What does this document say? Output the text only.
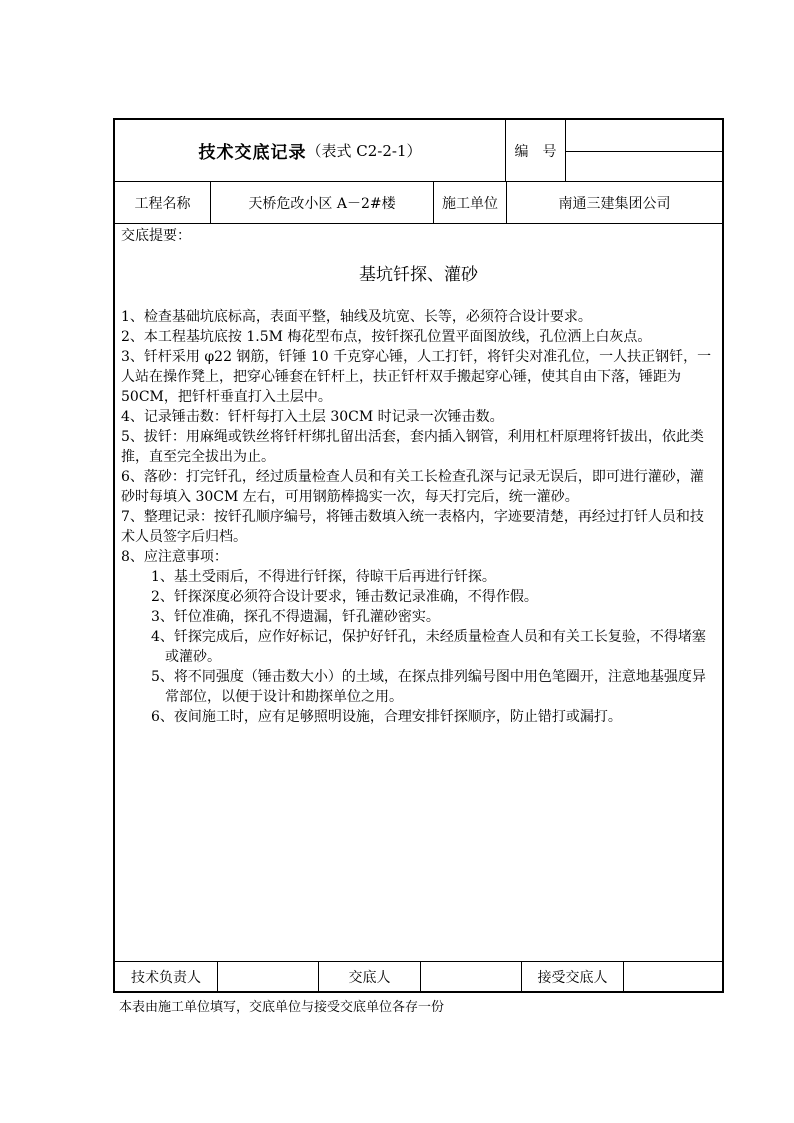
技术交底记录 （表式 C2-2-1）	编　号
工程名称	天桥危改小区 A－2#楼	施工单位	南通三建集团公司

交底提要：

基坑钎探、灌砂

1、检查基础坑底标高，表面平整，轴线及坑宽、长等，必须符合设计要求。

2、本工程基坑底按 1.5M 梅花型布点，按钎探孔位置平面图放线，孔位洒上白灰点。

3、钎杆采用 φ22 钢筋，钎锤 10 千克穿心锤，人工打钎，将钎尖对准孔位，一人扶正钢钎，一人站在操作凳上，把穿心锤套在钎杆上，扶正钎杆双手搬起穿心锤，使其自由下落，锤距为 50CM，把钎杆垂直打入土层中。

4、记录锤击数：钎杆每打入土层 30CM 时记录一次锤击数。

5、拔钎：用麻绳或铁丝将钎杆绑扎留出活套，套内插入钢管，利用杠杆原理将钎拔出，依此类推，直至完全拔出为止。

6、落砂：打完钎孔，经过质量检查人员和有关工长检查孔深与记录无误后，即可进行灌砂，灌砂时每填入 30CM 左右，可用钢筋棒捣实一次，每天打完后，统一灌砂。

7、整理记录：按钎孔顺序编号，将锤击数填入统一表格内，字迹要清楚，再经过打钎人员和技术人员签字后归档。

8、应注意事项：

1、基土受雨后，不得进行钎探，待晾干后再进行钎探。

2、钎探深度必须符合设计要求，锤击数记录准确，不得作假。

3、钎位准确，探孔不得遗漏，钎孔灌砂密实。

4、钎探完成后，应作好标记，保护好钎孔，未经质量检查人员和有关工长复验，不得堵塞或灌砂。

5、将不同强度（锤击数大小）的土域，在探点排列编号图中用色笔圈开，注意地基强度异常部位，以便于设计和勘探单位之用。

6、夜间施工时，应有足够照明设施，合理安排钎探顺序，防止错打或漏打。

技术负责人	交底人	接受交底人
本表由施工单位填写，交底单位与接受交底单位各存一份
